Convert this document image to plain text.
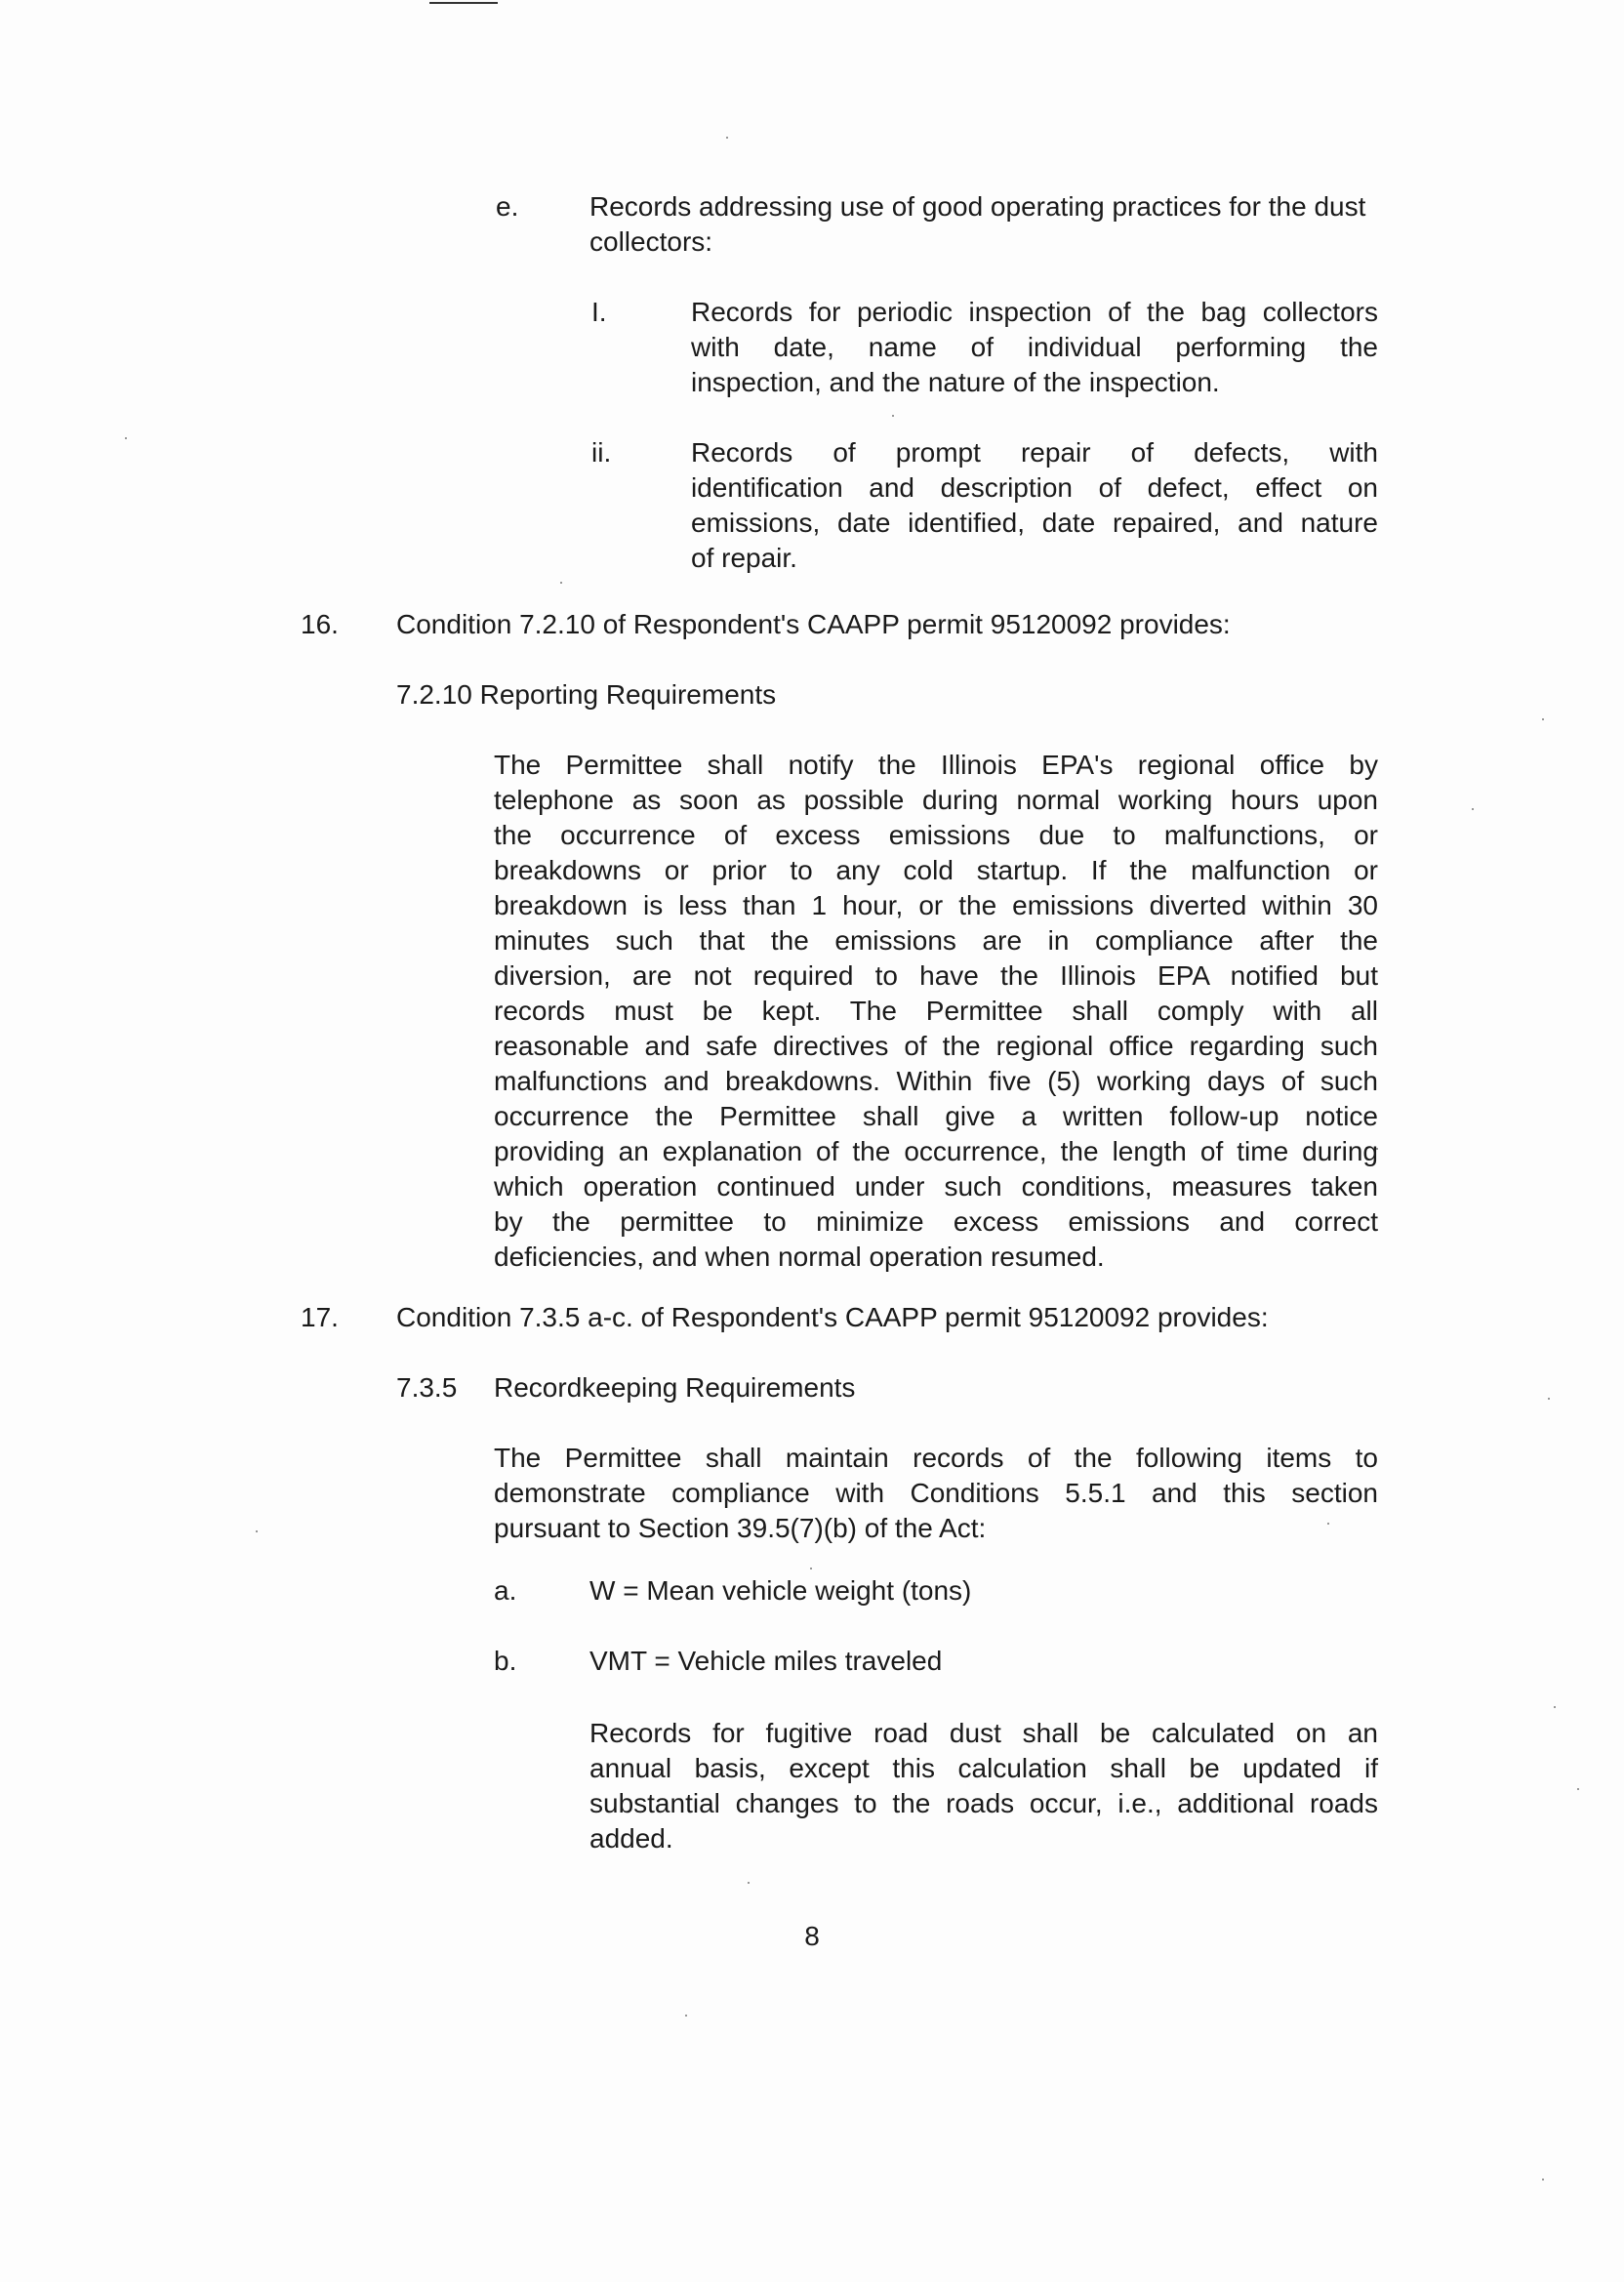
e.	Records addressing use of good operating practices for the dust collectors:
I.	Records for periodic inspection of the bag collectors
with date, name of individual performing the
inspection, and the nature of the inspection.
ii.	Records of prompt repair of defects, with
identification and description of defect, effect on
emissions, date identified, date repaired, and nature
of repair.
16. Condition 7.2.10 of Respondent's CAAPP permit 95120092 provides:
7.2.10 Reporting Requirements
The Permittee shall notify the Illinois EPA's regional office by
telephone as soon as possible during normal working hours upon
the occurrence of excess emissions due to malfunctions, or
breakdowns or prior to any cold startup. If the malfunction or
breakdown is less than 1 hour, or the emissions diverted within 30
minutes such that the emissions are in compliance after the
diversion, are not required to have the Illinois EPA notified but
records must be kept. The Permittee shall comply with all
reasonable and safe directives of the regional office regarding such
malfunctions and breakdowns. Within five (5) working days of such
occurrence the Permittee shall give a written follow-up notice
providing an explanation of the occurrence, the length of time during
which operation continued under such conditions, measures taken
by the permittee to minimize excess emissions and correct
deficiencies, and when normal operation resumed.
17. Condition 7.3.5 a-c. of Respondent's CAAPP permit 95120092 provides:
7.3.5	Recordkeeping Requirements
The Permittee shall maintain records of the following items to
demonstrate compliance with Conditions 5.5.1 and this section
pursuant to Section 39.5(7)(b) of the Act:
a.	W = Mean vehicle weight (tons)
b.	VMT = Vehicle miles traveled
Records for fugitive road dust shall be calculated on an
annual basis, except this calculation shall be updated if
substantial changes to the roads occur, i.e., additional roads
added.
8
